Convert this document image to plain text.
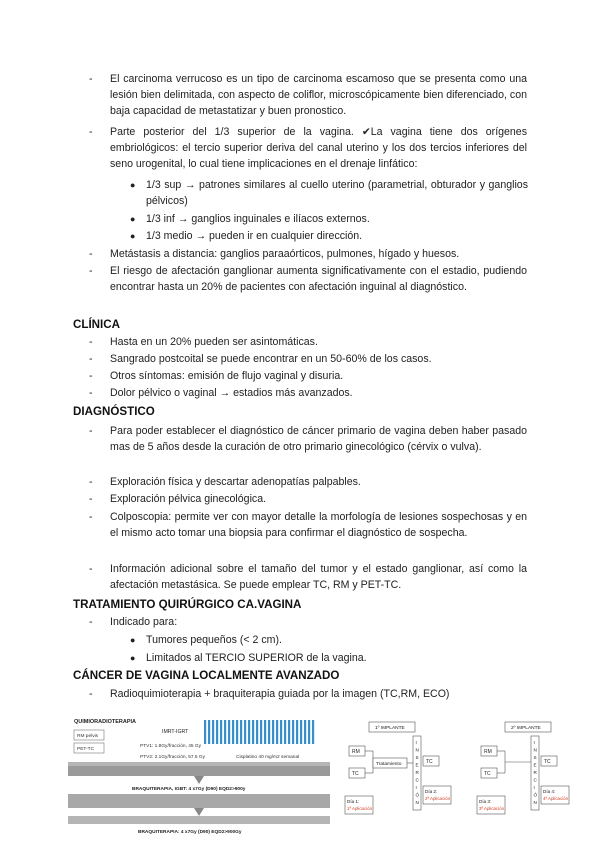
-	El carcinoma verrucoso es un tipo de carcinoma escamoso que se presenta como una lesión bien delimitada, con aspecto de coliflor, microscópicamente bien diferenciado, con baja capacidad de metastatizar y buen pronostico.
-	Parte posterior del 1/3 superior de la vagina. ✔La vagina tiene dos orígenes embriológicos: el tercio superior deriva del canal uterino y los dos tercios inferiores del seno urogenital, lo cual tiene implicaciones en el drenaje linfático:
● 1/3 sup → patrones similares al cuello uterino (parametrial, obturador y ganglios pélvicos)
● 1/3 inf → ganglios inguinales e ilíacos externos.
● 1/3 medio → pueden ir en cualquier dirección.
-	Metástasis a distancia: ganglios paraaórticos, pulmones, hígado y huesos.
-	El riesgo de afectación ganglionar aumenta significativamente con el estadio, pudiendo encontrar hasta un 20% de pacientes con afectación inguinal al diagnóstico.
CLÍNICA
-	Hasta en un 20% pueden ser asintomáticas.
-	Sangrado postcoital se puede encontrar en un 50-60% de los casos.
-	Otros síntomas: emisión de flujo vaginal y disuria.
-	Dolor pélvico o vaginal → estadios más avanzados.
DIAGNÓSTICO
-	Para poder establecer el diagnóstico de cáncer primario de vagina deben haber pasado mas de 5 años desde la curación de otro primario ginecológico (cérvix o vulva).
-	Exploración física y descartar adenopatías palpables.
-	Exploración pélvica ginecológica.
-	Colposcopia: permite ver con mayor detalle la morfología de lesiones sospechosas y en el mismo acto tomar una biopsia para confirmar el diagnóstico de sospecha.
-	Información adicional sobre el tamaño del tumor y el estado ganglionar, así como la afectación metastásica. Se puede emplear TC, RM y PET-TC.
TRATAMIENTO QUIRÚRGICO CA.VAGINA
-	Indicado para:
● Tumores pequeños (< 2 cm).
● Limitados al TERCIO SUPERIOR de la vagina.
CÁNCER DE VAGINA LOCALMENTE AVANZADO
-	Radioquimioterapia + braquiterapia guiada por la imagen (TC,RM, ECO)
QUIMIORADIOTERAPIA
RM pelvis
PET-TC
IMRT-IGRT
PTV1: 1.8Gy/fracción, 45 Gy
PTV2: 2.1Gy/fracción, 57.5 Gy	Cisplatino 40 mg/m2 semanal
BRAQUITERAPIA, IGBT: 4 x7Gy (D90) EQD2>900y
BRAQUITERAPIA: 4 x7Gy (D90) EQD2>900Gy
1º IMPLANTE
RM
TC
Tratamiento
I
N
S
E
R
C
I
Ó
N
TC
Día 1:
1ª Aplicación
Día 2:
2ª Aplicación
2º IMPLANTE
RM
TC
I
N
S
E
R
C
I
Ó
N
TC
Día 3:
3ª Aplicación
Día 4:
4ª Aplicación
